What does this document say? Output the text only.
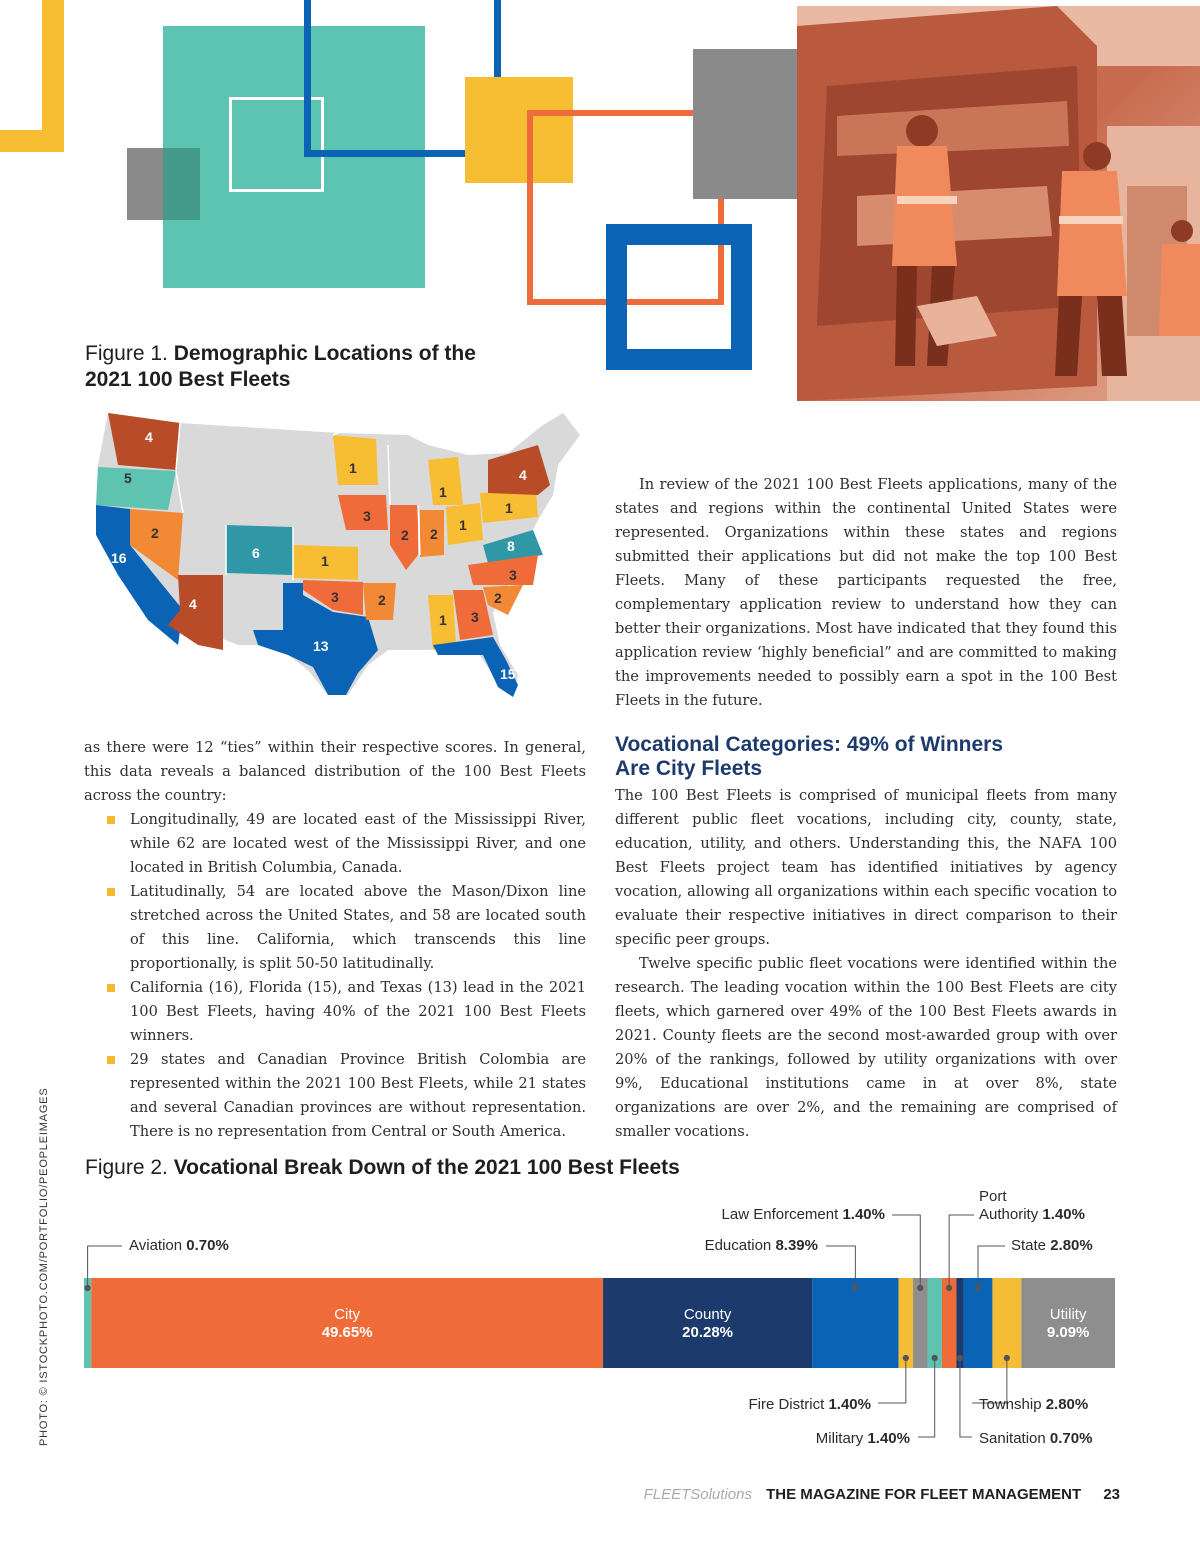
Figure 1. Demographic Locations of the
2021 100 Best Fleets
4
5
16
2
4
6	1
3
13
1
3
2
2 2
1
1
1
4
8
3
2
3
1
15

In review of the 2021 100 Best Fleets applications, many of the states and regions within the continental United States were represented. Organizations within these states and regions submitted their applications but did not make the top 100 Best Fleets. Many of these participants requested the free, complementary application review to understand how they can better their organizations. Most have indicated that they found this application review ‘highly beneficial” and are committed to making the improvements needed to possibly earn a spot in the 100 Best Fleets in the future.

as there were 12 “ties” within their respective scores. In general, this data reveals a balanced distribution of the 100 Best Fleets across the country:

Longitudinally, 49 are located east of the Mississippi River, while 62 are located west of the Mississippi River, and one located in British Columbia, Canada.
Latitudinally, 54 are located above the Mason/Dixon line stretched across the United States, and 58 are located south of this line. California, which transcends this line proportionally, is split 50-50 latitudinally.
California (16), Florida (15), and Texas (13) lead in the 2021 100 Best Fleets, having 40% of the 2021 100 Best Fleets winners.
29 states and Canadian Province British Colombia are represented within the 2021 100 Best Fleets, while 21 states and several Canadian provinces are without representation. There is no representation from Central or South America.
Vocational Categories: 49% of Winners
Are City Fleets

The 100 Best Fleets is comprised of municipal fleets from many different public fleet vocations, including city, county, state, education, utility, and others. Understanding this, the NAFA 100 Best Fleets project team has identified initiatives by agency vocation, allowing all organizations within each specific vocation to evaluate their respective initiatives in direct comparison to their specific peer groups.

Twelve specific public fleet vocations were identified within the research. The leading vocation within the 100 Best Fleets are city fleets, which garnered over 49% of the 100 Best Fleets awards in 2021. County fleets are the second most-awarded group with over 20% of the rankings, followed by utility organizations with over 9%, Educational institutions came in at over 8%, state organizations are over 2%, and the remaining are comprised of smaller vocations.

PHOTO: © ISTOCKPHOTO.COM/PORTFOLIO/PEOPLEIMAGES Figure 2. Vocational Break Down of the 2021 100 Best Fleets
City
49.65%
County
20.28%
Utility
9.09%
Aviation 0.70%	Education 8.39%
Law Enforcement 1.40%
Port Authority 1.40%
State 2.80%
Fire District 1.40%
Military 1.40%
Township 2.80%
Sanitation 0.70%
FLEETSolutions THE MAGAZINE FOR FLEET MANAGEMENT 23
